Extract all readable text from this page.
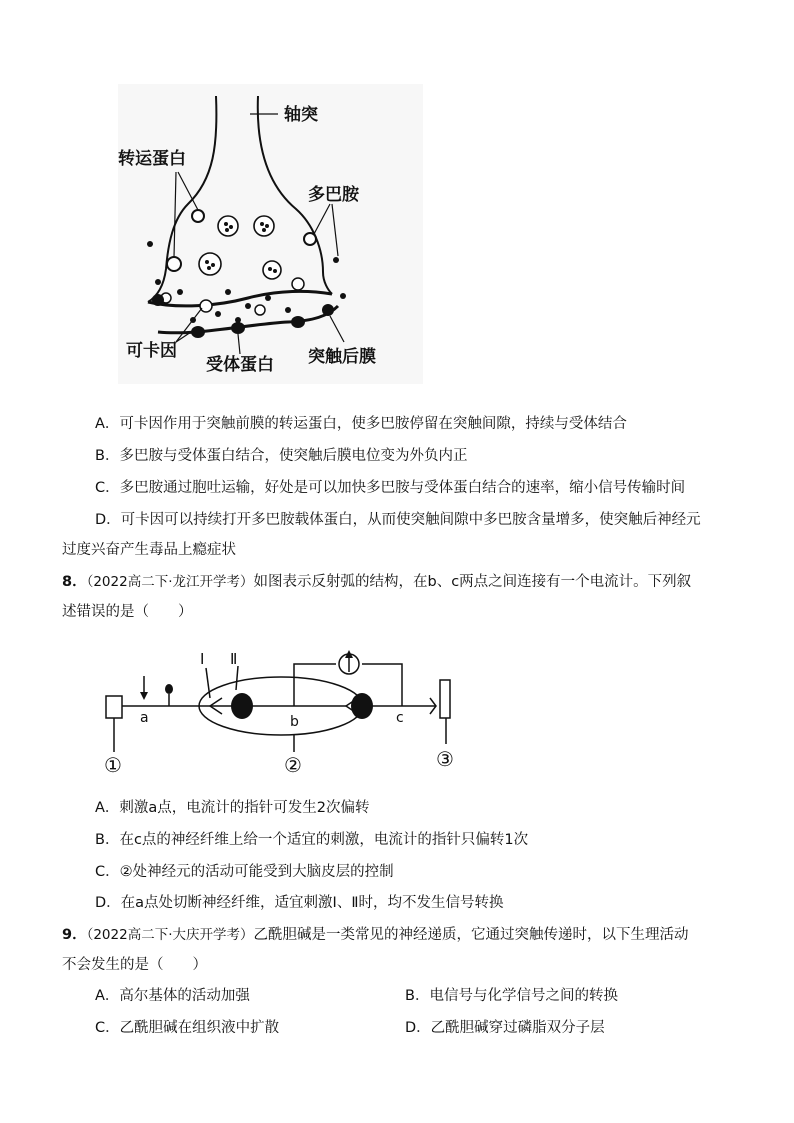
轴突
转运蛋白
多巴胺
可卡因
受体蛋白 突触后膜
A．可卡因作用于突触前膜的转运蛋白，使多巴胺停留在突触间隙，持续与受体结合
B．多巴胺与受体蛋白结合，使突触后膜电位变为外负内正
C．多巴胺通过胞吐运输，好处是可以加快多巴胺与受体蛋白结合的速率，缩小信号传输时间
D．可卡因可以持续打开多巴胺载体蛋白，从而使突触间隙中多巴胺含量增多，使突触后神经元
过度兴奋产生毒品上瘾症状
8．（2022高二下·龙江开学考）如图表示反射弧的结构，在b、c两点之间连接有一个电流计。下列叙
述错误的是（　　）
Ⅰ Ⅱ
a	b	c
①	②	③
A．刺激a点，电流计的指针可发生2次偏转
B．在c点的神经纤维上给一个适宜的刺激，电流计的指针只偏转1次
C．②处神经元的活动可能受到大脑皮层的控制
D．在a点处切断神经纤维，适宜刺激Ⅰ、Ⅱ时，均不发生信号转换
9．（2022高二下·大庆开学考）乙酰胆碱是一类常见的神经递质，它通过突触传递时，以下生理活动
不会发生的是（　　）
A．高尔基体的活动加强	B．电信号与化学信号之间的转换
C．乙酰胆碱在组织液中扩散	D．乙酰胆碱穿过磷脂双分子层
